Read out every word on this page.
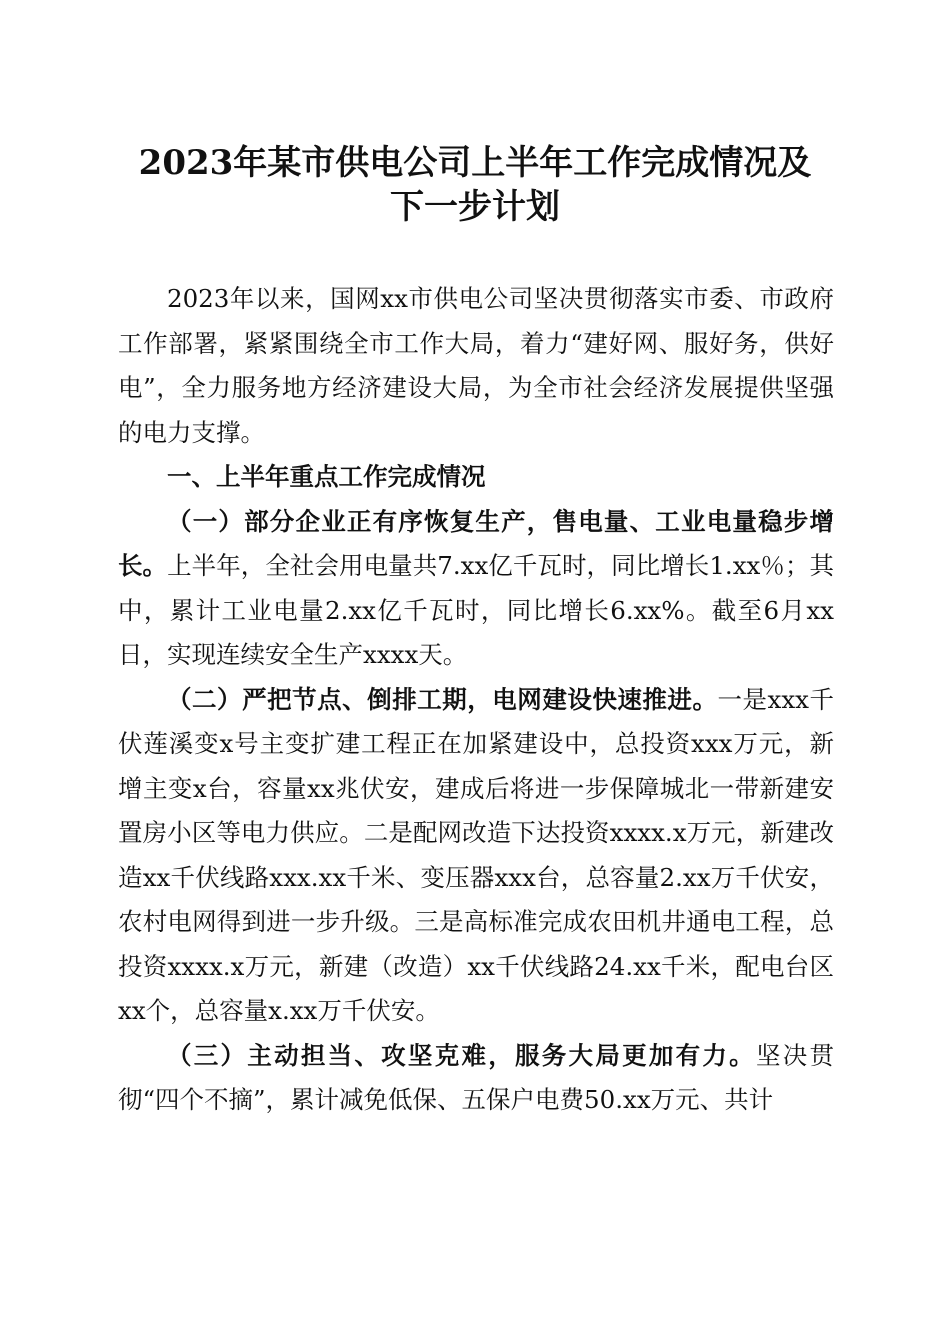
2023年某市供电公司上半年工作完成情况及
下一步计划

2023年以来，国网xx市供电公司坚决贯彻落实市委、市政府工作部署，紧紧围绕全市工作大局，着力“建好网、服好务，供好电”，全力服务地方经济建设大局，为全市社会经济发展提供坚强的电力支撑。

一、上半年重点工作完成情况

（一）部分企业正有序恢复生产，售电量、工业电量稳步增长。上半年，全社会用电量共7.xx亿千瓦时，同比增长1.xx％；其中，累计工业电量2.xx亿千瓦时，同比增长6.xx%。截至6月xx日，实现连续安全生产xxxx天。

（二）严把节点、倒排工期，电网建设快速推进。一是xxx千伏莲溪变x号主变扩建工程正在加紧建设中，总投资xxx万元，新增主变x台，容量xx兆伏安，建成后将进一步保障城北一带新建安置房小区等电力供应。二是配网改造下达投资xxxx.x万元，新建改造xx千伏线路xxx.xx千米、变压器xxx台，总容量2.xx万千伏安，农村电网得到进一步升级。三是高标准完成农田机井通电工程，总投资xxxx.x万元，新建（改造）xx千伏线路24.xx千米，配电台区xx个，总容量x.xx万千伏安。

（三）主动担当、攻坚克难，服务大局更加有力。坚决贯彻“四个不摘”，累计减免低保、五保户电费50.xx万元、共计
